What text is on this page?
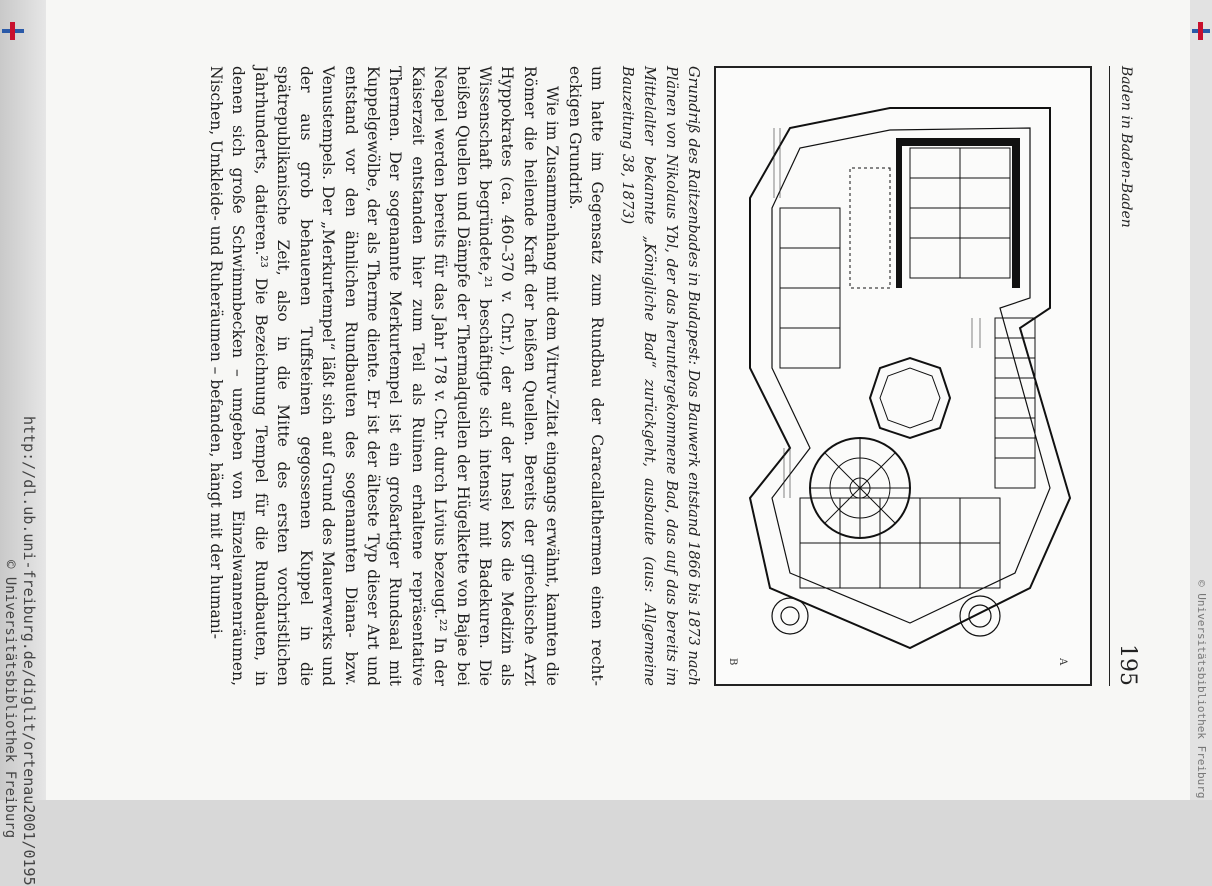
http://dl.ub.uni-freiburg.de/diglit/ortenau2001/0195
© Universitätsbibliothek Freiburg	© Universitätsbibliothek Freiburg
Baden in Baden-Baden
195
A
B
Grundriß des Raitzenbades in Budapest: Das Bauwerk entstand 1866 bis 1873 nach Plänen von Nikolaus Ybl, der das heruntergekommene Bad, das auf das bereits im Mittelalter bekannte „Königliche Bad“ zurückgeht, ausbaute (aus: Allgemeine Bauzeitung 38, 1873)

um hatte im Gegensatz zum Rundbau der Caracallathermen einen recht-eckigen Grundriß.

Wie im Zusammenhang mit dem Vitruv-Zitat eingangs erwähnt, kannten die Römer die heilende Kraft der heißen Quellen. Bereits der griechische Arzt Hyppokrates (ca. 460–370 v. Chr.), der auf der Insel Kos die Medizin als Wissenschaft begründete,²¹ beschäftigte sich intensiv mit Badekuren. Die heißen Quellen und Dämpfe der Thermalquellen der Hügelkette von Bajae bei Neapel werden bereits für das Jahr 178 v. Chr. durch Livius bezeugt.²² In der Kaiserzeit entstanden hier zum Teil als Ruinen erhaltene repräsentative Thermen. Der sogenannte Merkurtempel ist ein großartiger Rundsaal mit Kuppelgewölbe, der als Therme diente. Er ist der älteste Typ dieser Art und entstand vor den ähnlichen Rundbauten des sogenannten Diana- bzw. Venustempels. Der „Merkurtempel“ läßt sich auf Grund des Mauerwerks und der aus grob behauenen Tuffsteinen gegossenen Kuppel in die spätrepublikanische Zeit, also in die Mitte des ersten vorchristlichen Jahrhunderts, datieren.²³ Die Bezeichnung Tempel für die Rundbauten, in denen sich große Schwimmbecken – umgeben von Einzelwannenräumen, Nischen, Umkleide- und Ruheräumen – befanden, hängt mit der humani-
